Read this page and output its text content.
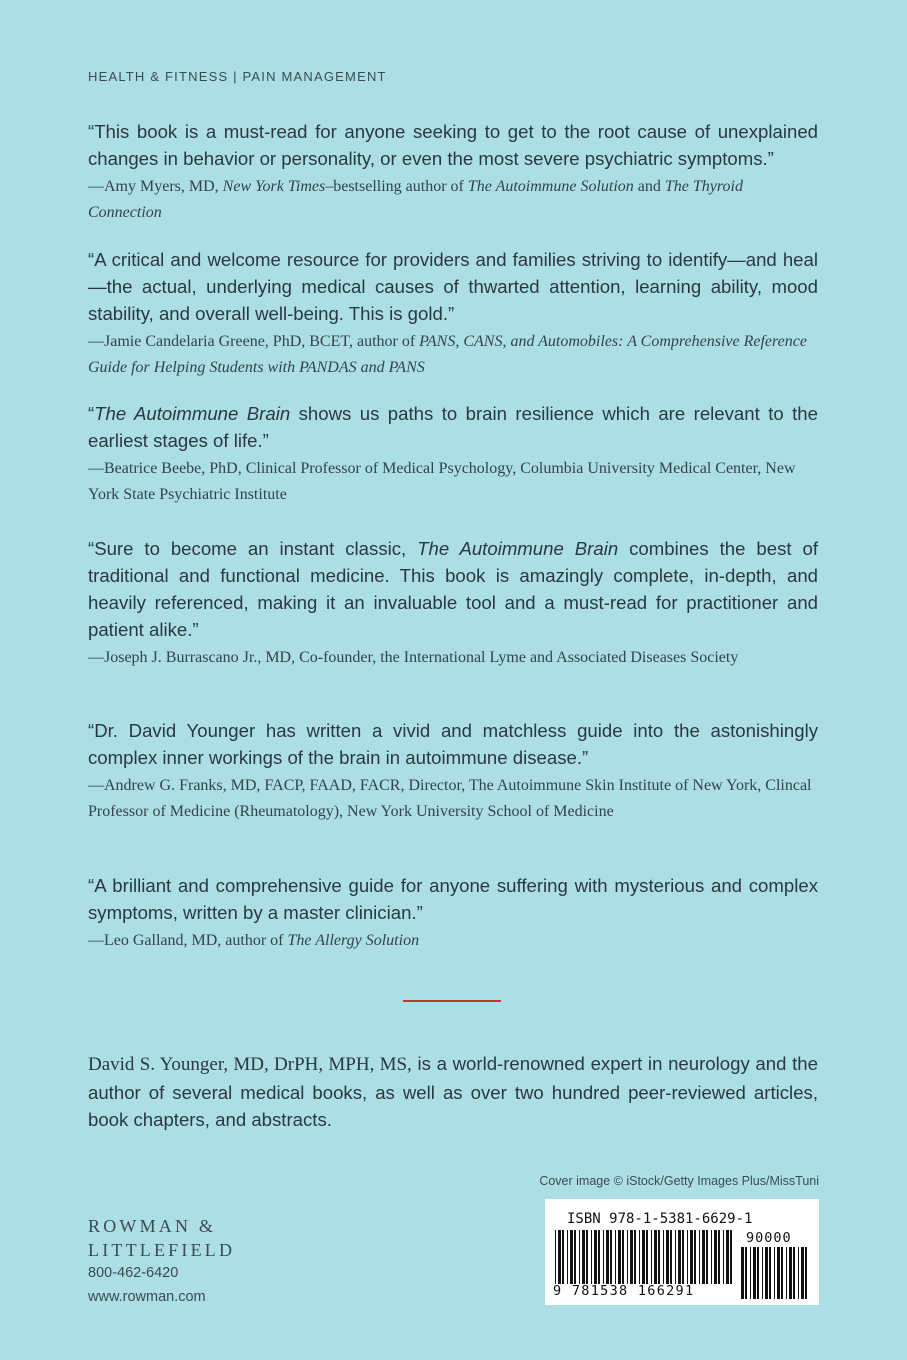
HEALTH & FITNESS | PAIN MANAGEMENT

“This book is a must-read for anyone seeking to get to the root cause of unexplained changes in behavior or personality, or even the most severe psychiatric symptoms.”

—Amy Myers, MD, New York Times–bestselling author of The Autoimmune Solution and The Thyroid Connection

“A critical and welcome resource for providers and families striving to identify—and heal—the actual, underlying medical causes of thwarted attention, learning ability, mood stability, and overall well-being. This is gold.”

—Jamie Candelaria Greene, PhD, BCET, author of PANS, CANS, and Automobiles: A Comprehensive Reference Guide for Helping Students with PANDAS and PANS

“The Autoimmune Brain shows us paths to brain resilience which are relevant to the earliest stages of life.”

—Beatrice Beebe, PhD, Clinical Professor of Medical Psychology, Columbia University Medical Center, New York State Psychiatric Institute

“Sure to become an instant classic, The Autoimmune Brain combines the best of traditional and functional medicine. This book is amazingly complete, in-depth, and heavily referenced, making it an invaluable tool and a must-read for practitioner and patient alike.”

—Joseph J. Burrascano Jr., MD, Co-founder, the International Lyme and Associated Diseases Society

“Dr. David Younger has written a vivid and matchless guide into the astonishingly complex inner workings of the brain in autoimmune disease.”

—Andrew G. Franks, MD, FACP, FAAD, FACR, Director, The Autoimmune Skin Institute of New York, Clincal Professor of Medicine (Rheumatology), New York University School of Medicine

“A brilliant and comprehensive guide for anyone suffering with mysterious and complex symptoms, written by a master clinician.”

—Leo Galland, MD, author of The Allergy Solution

David S. Younger, MD, DrPH, MPH, MS, is a world-renowned expert in neurology and the author of several medical books, as well as over two hundred peer-reviewed articles, book chapters, and abstracts.

Cover image © iStock/Getty Images Plus/MissTuni
ROWMAN &
LITTLEFIELD
800-462-6420
www.rowman.com
ISBN 978-1-5381-6629-1
9 781538 166291
90000
